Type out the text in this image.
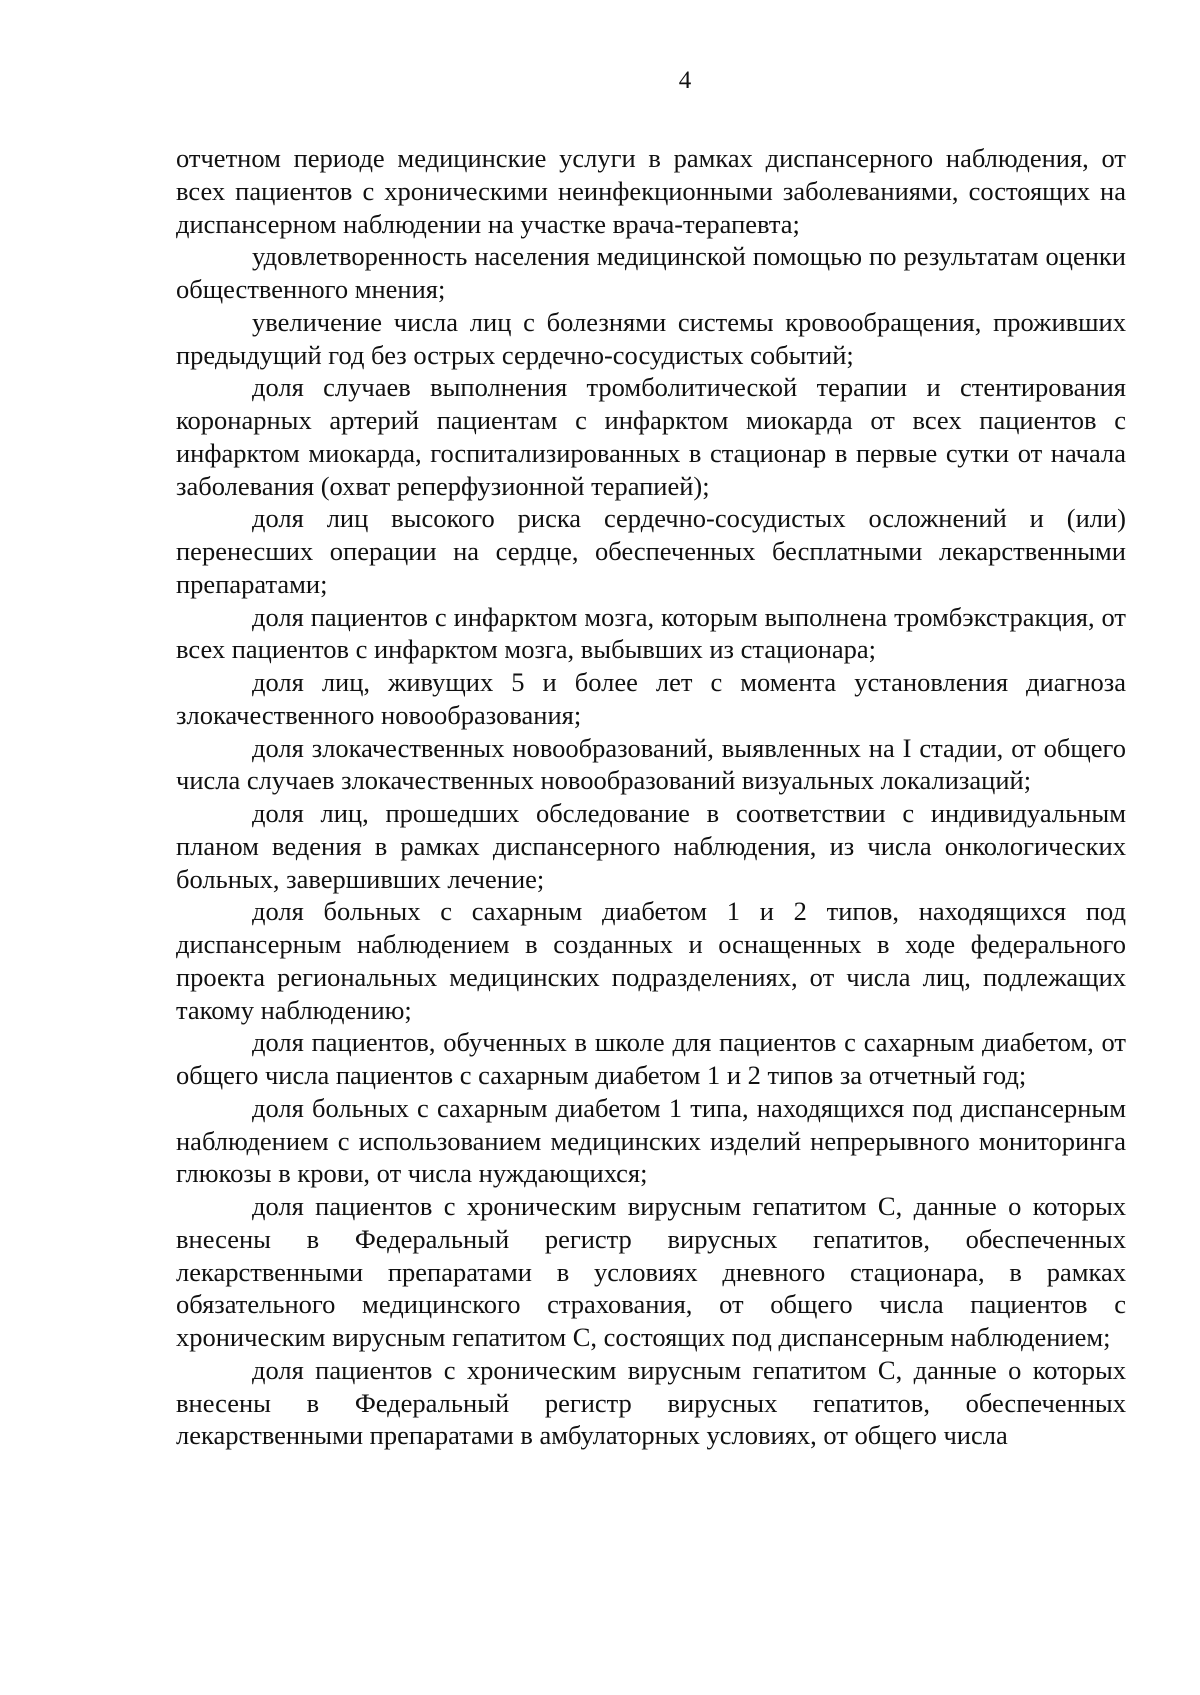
4

отчетном периоде медицинские услуги в рамках диспансерного наблюдения, от всех пациентов с хроническими неинфекционными заболеваниями, состоящих на диспансерном наблюдении на участке врача-терапевта;

удовлетворенность населения медицинской помощью по результатам оценки общественного мнения;

увеличение числа лиц с болезнями системы кровообращения, проживших предыдущий год без острых сердечно-сосудистых событий;

доля случаев выполнения тромболитической терапии и стентирования коронарных артерий пациентам с инфарктом миокарда от всех пациентов с инфарктом миокарда, госпитализированных в стационар в первые сутки от начала заболевания (охват реперфузионной терапией);

доля лиц высокого риска сердечно-сосудистых осложнений и (или) перенесших операции на сердце, обеспеченных бесплатными лекарственными препаратами;

доля пациентов с инфарктом мозга, которым выполнена тромбэкстракция, от всех пациентов с инфарктом мозга, выбывших из стационара;

доля лиц, живущих 5 и более лет с момента установления диагноза злокачественного новообразования;

доля злокачественных новообразований, выявленных на I стадии, от общего числа случаев злокачественных новообразований визуальных локализаций;

доля лиц, прошедших обследование в соответствии с индивидуальным планом ведения в рамках диспансерного наблюдения, из числа онкологических больных, завершивших лечение;

доля больных с сахарным диабетом 1 и 2 типов, находящихся под диспансерным наблюдением в созданных и оснащенных в ходе федерального проекта региональных медицинских подразделениях, от числа лиц, подлежащих такому наблюдению;

доля пациентов, обученных в школе для пациентов с сахарным диабетом, от общего числа пациентов с сахарным диабетом 1 и 2 типов за отчетный год;

доля больных с сахарным диабетом 1 типа, находящихся под диспансерным наблюдением с использованием медицинских изделий непрерывного мониторинга глюкозы в крови, от числа нуждающихся;

доля пациентов с хроническим вирусным гепатитом C, данные о которых внесены в Федеральный регистр вирусных гепатитов, обеспеченных лекарственными препаратами в условиях дневного стационара, в рамках обязательного медицинского страхования, от общего числа пациентов с хроническим вирусным гепатитом C, состоящих под диспансерным наблюдением;

доля пациентов с хроническим вирусным гепатитом C, данные о которых внесены в Федеральный регистр вирусных гепатитов, обеспеченных лекарственными препаратами в амбулаторных условиях, от общего числа
